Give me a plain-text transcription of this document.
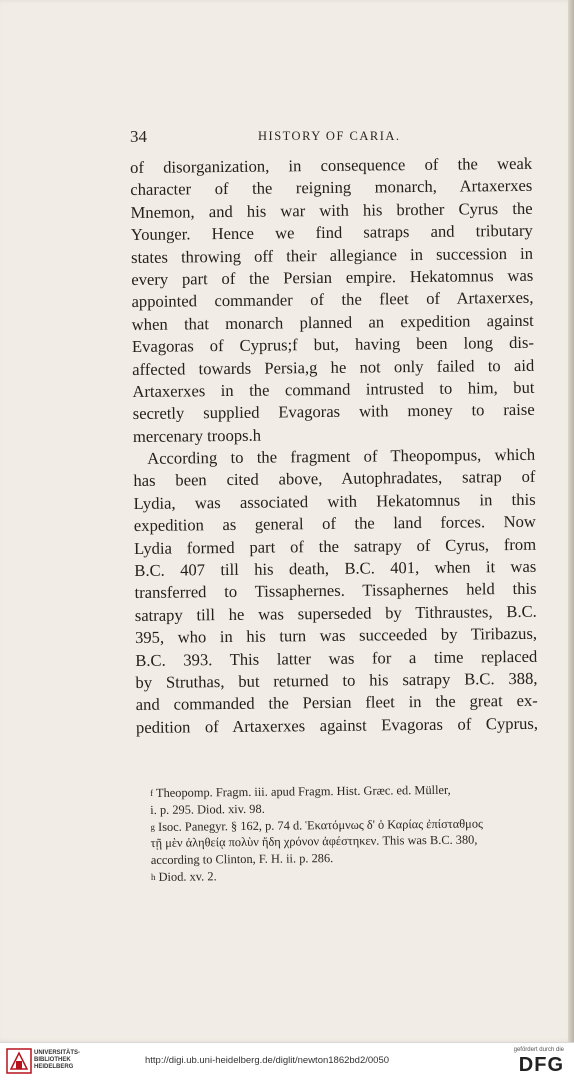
34	HISTORY OF CARIA.
of disorganization, in consequence of the weak
character of the reigning monarch, Artaxerxes
Mnemon, and his war with his brother Cyrus the
Younger. Hence we find satraps and tributary
states throwing off their allegiance in succession in
every part of the Persian empire. Hekatomnus was
appointed commander of the fleet of Artaxerxes,
when that monarch planned an expedition against
Evagoras of Cyprus;f but, having been long dis-
affected towards Persia,g he not only failed to aid
Artaxerxes in the command intrusted to him, but
secretly supplied Evagoras with money to raise
mercenary troops.h
According to the fragment of Theopompus, which
has been cited above, Autophradates, satrap of
Lydia, was associated with Hekatomnus in this
expedition as general of the land forces. Now
Lydia formed part of the satrapy of Cyrus, from
B.C. 407 till his death, B.C. 401, when it was
transferred to Tissaphernes. Tissaphernes held this
satrapy till he was superseded by Tithraustes, B.C.
395, who in his turn was succeeded by Tiribazus,
B.C. 393. This latter was for a time replaced
by Struthas, but returned to his satrapy B.C. 388,
and commanded the Persian fleet in the great ex-
pedition of Artaxerxes against Evagoras of Cyprus,
$^f$ Theopomp. Fragm. iii. apud Fragm. Hist. Græc. ed. Müller,
i. p. 295. Diod. xiv. 98.
$^g$ Isoc. Panegyr. § 162, p. 74 d. Ἑκατόμνως δ' ὁ Καρίας ἐπίσταθμος
τῇ μὲν ἀληθείᾳ πολὺν ἤδη χρόνον ἀφέστηκεν. This was B.C. 380,
according to Clinton, F. H. ii. p. 286.
$^h$ Diod. xv. 2.
UNIVERSITÄTS-
BIBLIOTHEK
HEIDELBERG
http://digi.ub.uni-heidelberg.de/diglit/newton1862bd2/0050
gefördert durch die
DFG
